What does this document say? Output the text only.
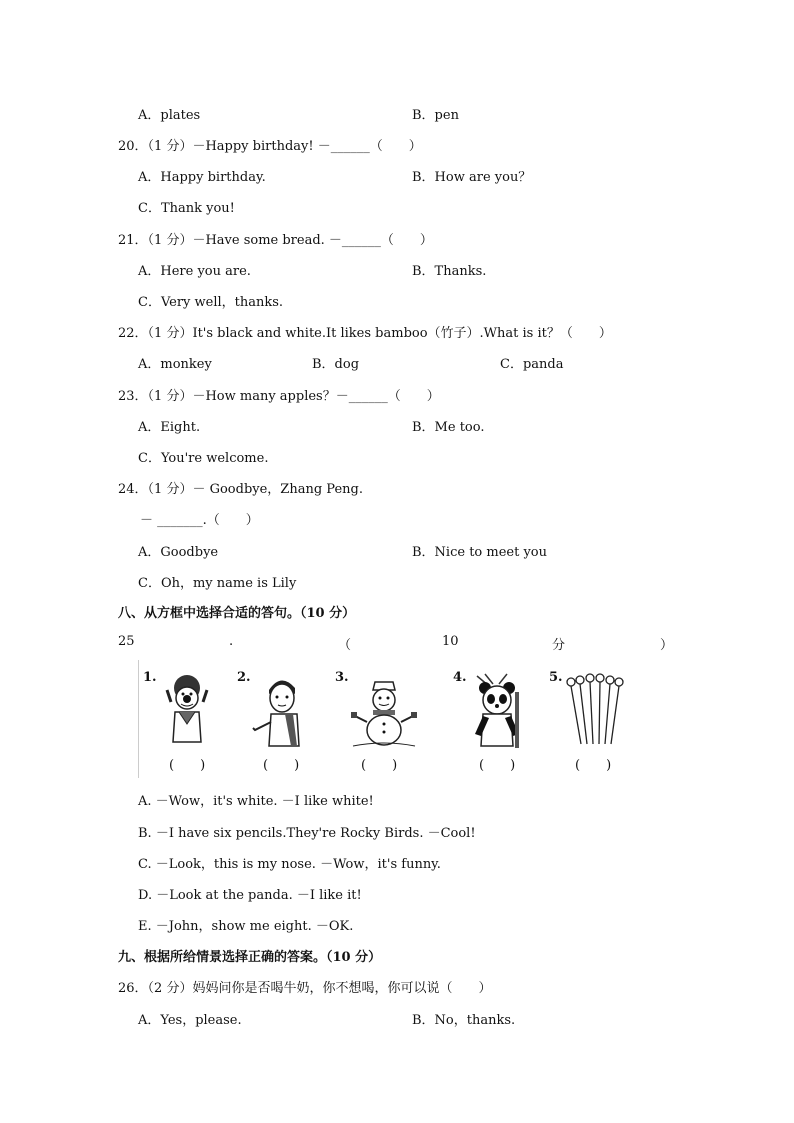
A．plates	B．pen
20．（1 分）－Happy birthday! －______（　　）
A．Happy birthday.	B．How are you？
C．Thank you!
21．（1 分）－Have some bread. －______（　　）
A．Here you are.	B．Thanks.
C．Very well，thanks.
22．（1 分）It's black and white.It likes bamboo（竹子）.What is it？（　　）
A．monkey	B．dog	C．panda
23．（1 分）－How many apples？－______（　　）
A．Eight.	B．Me too.
C．You're welcome.
24．（1 分）－ Goodbye，Zhang Peng.
－ _______.（　　）
A．Goodbye	B．Nice to meet you
C．Oh，my name is Lily
八、从方框中选择合适的答句。（10 分）
25	.	（	10	分	）
1.
(　　)
2.
(　　)
3.
(　　)
4.
(　　)
5.
(　　)
A. －Wow，it's white. －I like white!
B. －I have six pencils.They're Rocky Birds. －Cool!
C. －Look，this is my nose. －Wow，it's funny.
D. －Look at the panda. －I like it!
E. －John，show me eight. －OK.
九、根据所给情景选择正确的答案。（10 分）
26．（2 分）妈妈问你是否喝牛奶，你不想喝，你可以说（　　）
A．Yes，please.	B．No，thanks.
